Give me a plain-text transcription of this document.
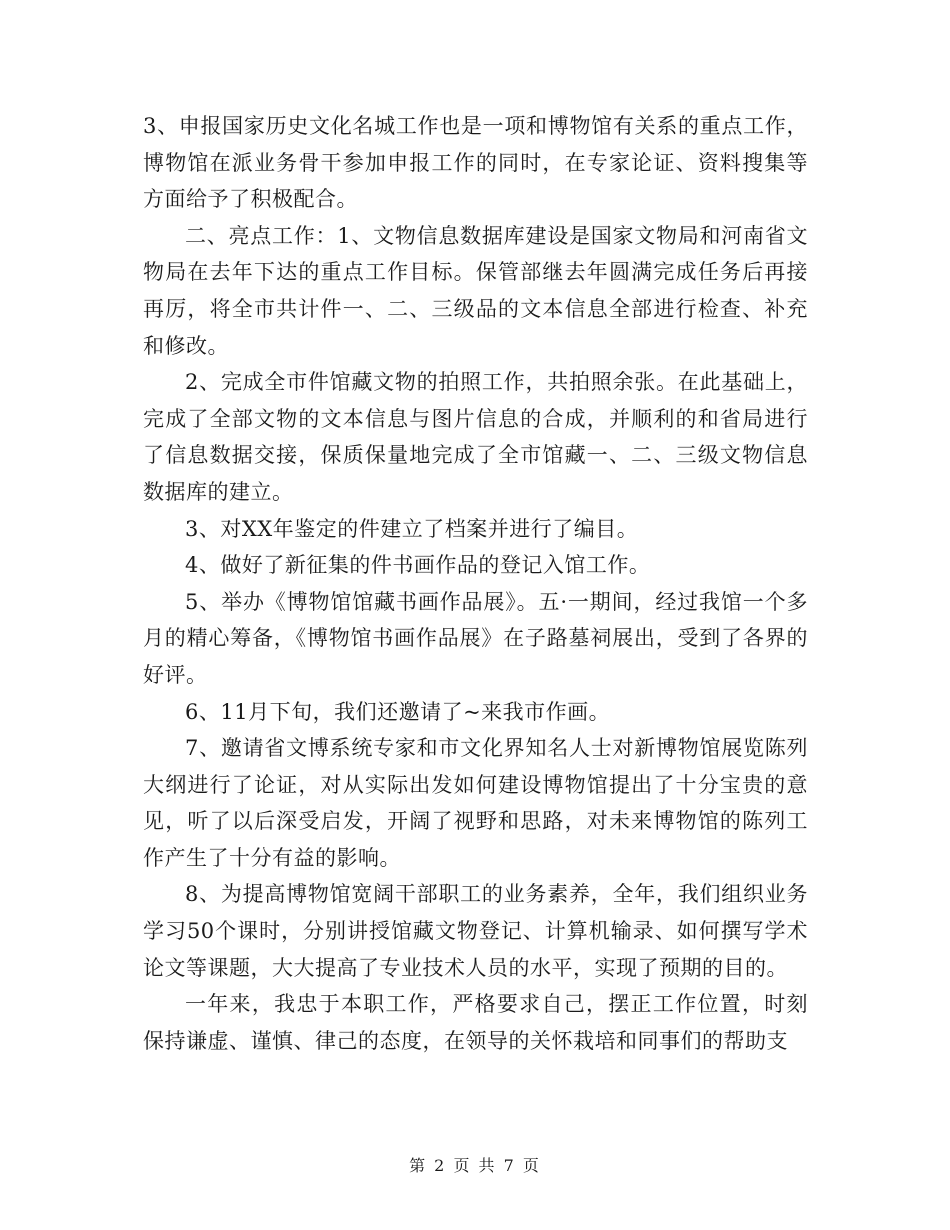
3、申报国家历史文化名城工作也是一项和博物馆有关系的重点工作，博物馆在派业务骨干参加申报工作的同时，在专家论证、资料搜集等方面给予了积极配合。

二、亮点工作：1、文物信息数据库建设是国家文物局和河南省文物局在去年下达的重点工作目标。保管部继去年圆满完成任务后再接再厉，将全市共计件一、二、三级品的文本信息全部进行检查、补充和修改。

2、完成全市件馆藏文物的拍照工作，共拍照余张。在此基础上，完成了全部文物的文本信息与图片信息的合成，并顺利的和省局进行了信息数据交接，保质保量地完成了全市馆藏一、二、三级文物信息数据库的建立。

3、对XX年鉴定的件建立了档案并进行了编目。

4、做好了新征集的件书画作品的登记入馆工作。

5、举办《博物馆馆藏书画作品展》。五·一期间，经过我馆一个多月的精心筹备，《博物馆书画作品展》在子路墓祠展出，受到了各界的好评。

6、11月下旬，我们还邀请了~来我市作画。

7、邀请省文博系统专家和市文化界知名人士对新博物馆展览陈列大纲进行了论证，对从实际出发如何建设博物馆提出了十分宝贵的意见，听了以后深受启发，开阔了视野和思路，对未来博物馆的陈列工作产生了十分有益的影响。

8、为提高博物馆宽阔干部职工的业务素养，全年，我们组织业务学习50个课时，分别讲授馆藏文物登记、计算机输录、如何撰写学术论文等课题，大大提高了专业技术人员的水平，实现了预期的目的。

一年来，我忠于本职工作，严格要求自己，摆正工作位置，时刻保持谦虚、谨慎、律己的态度，在领导的关怀栽培和同事们的帮助支

第 2 页 共 7 页
